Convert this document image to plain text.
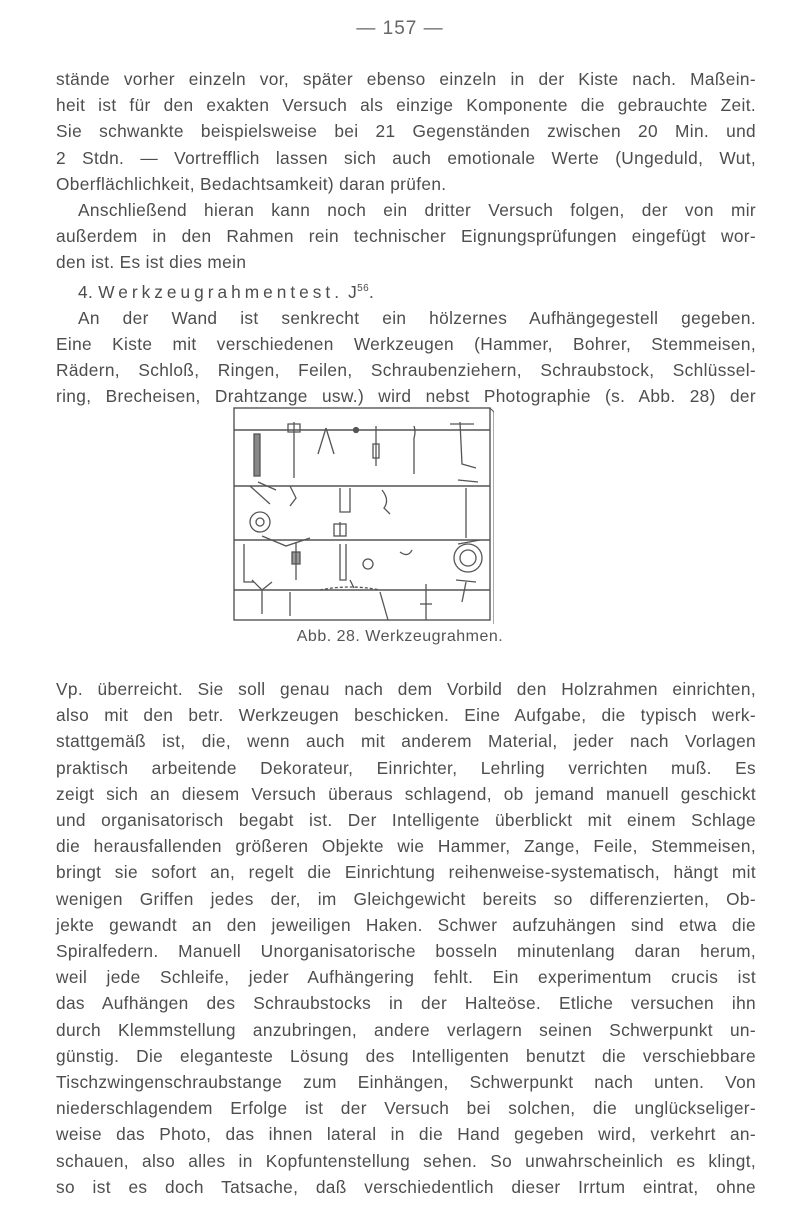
— 157 —
stände vorher einzeln vor, später ebenso einzeln in der Kiste nach. Maßein-
heit ist für den exakten Versuch als einzige Komponente die gebrauchte Zeit.
Sie schwankte beispielsweise bei 21 Gegenständen zwischen 20 Min. und
2 Stdn. — Vortrefflich lassen sich auch emotionale Werte (Ungeduld, Wut,
Oberflächlichkeit, Bedachtsamkeit) daran prüfen.
Anschließend hieran kann noch ein dritter Versuch folgen, der von mir
außerdem in den Rahmen rein technischer Eignungsprüfungen eingefügt wor-
den ist. Es ist dies mein
4. Werkzeugrahmentest. $J^{56}$.
An der Wand ist senkrecht ein hölzernes Aufhängegestell gegeben.
Eine Kiste mit verschiedenen Werkzeugen (Hammer, Bohrer, Stemmeisen,
Rädern, Schloß, Ringen, Feilen, Schraubenziehern, Schraubstock, Schlüssel-
ring, Brecheisen, Drahtzange usw.) wird nebst Photographie (s. Abb. 28) der
Abb. 28. Werkzeugrahmen.
Vp. überreicht. Sie soll genau nach dem Vorbild den Holzrahmen einrichten,
also mit den betr. Werkzeugen beschicken. Eine Aufgabe, die typisch werk-
stattgemäß ist, die, wenn auch mit anderem Material, jeder nach Vorlagen
praktisch arbeitende Dekorateur, Einrichter, Lehrling verrichten muß. Es
zeigt sich an diesem Versuch überaus schlagend, ob jemand manuell geschickt
und organisatorisch begabt ist. Der Intelligente überblickt mit einem Schlage
die herausfallenden größeren Objekte wie Hammer, Zange, Feile, Stemmeisen,
bringt sie sofort an, regelt die Einrichtung reihenweise-systematisch, hängt mit
wenigen Griffen jedes der, im Gleichgewicht bereits so differenzierten, Ob-
jekte gewandt an den jeweiligen Haken. Schwer aufzuhängen sind etwa die
Spiralfedern. Manuell Unorganisatorische bosseln minutenlang daran herum,
weil jede Schleife, jeder Aufhängering fehlt. Ein experimentum crucis ist
das Aufhängen des Schraubstocks in der Halteöse. Etliche versuchen ihn
durch Klemmstellung anzubringen, andere verlagern seinen Schwerpunkt un-
günstig. Die eleganteste Lösung des Intelligenten benutzt die verschiebbare
Tischzwingenschraubstange zum Einhängen, Schwerpunkt nach unten. Von
niederschlagendem Erfolge ist der Versuch bei solchen, die unglückseliger-
weise das Photo, das ihnen lateral in die Hand gegeben wird, verkehrt an-
schauen, also alles in Kopfuntenstellung sehen. So unwahrscheinlich es klingt,
so ist es doch Tatsache, daß verschiedentlich dieser Irrtum eintrat, ohne
